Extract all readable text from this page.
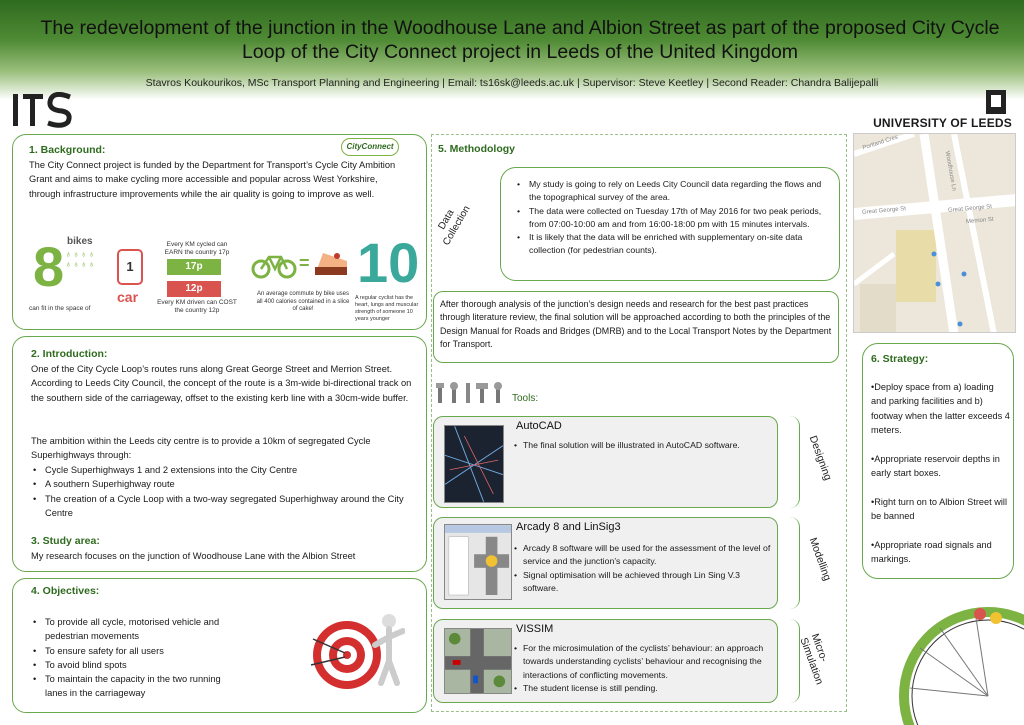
The redevelopment of the junction in the Woodhouse Lane and Albion Street as part of the proposed City Cycle Loop of the City Connect project in Leeds of the United Kingdom
Stavros Koukourikos, MSc Transport Planning and Engineering | Email: ts16sk@leeds.ac.uk | Supervisor: Steve Keetley | Second Reader: Chandra Balijepalli
UNIVERSITY OF LEEDS
1. Background:	CityConnect
The City Connect project is funded by the Department for Transport’s Cycle City Ambition Grant and aims to make cycling more accessible and popular across West Yorkshire, through infrastructure improvements while the air quality is going to improve as well.
8 bikes
♁♁♁♁
♁♁♁♁	1
car
can fit in the space of
Every KM cycled can EARN the country 17p
17p
12p
Every KM driven can COST the country 12p
=
An average commute by bike uses all 400 calories contained in a slice of cake!
10
A regular cyclist has the heart, lungs and muscular strength of someone 10 years younger
2. Introduction:
One of the City Cycle Loop’s routes runs along Great George Street and Merrion Street. According to Leeds City Council, the concept of the route is a 3m-wide bi-directional track on the southern side of the carriageway, offset to the existing kerb line with a 30cm-wide buffer.
The ambition within the Leeds city centre is to provide a 10km of segregated Cycle Superhighways through:
• Cycle Superhighways 1 and 2 extensions into the City Centre
• A southern Superhighway route
• The creation of a Cycle Loop with a two-way segregated Superhighway around the City Centre
3. Study area:
My research focuses on the junction of Woodhouse Lane with the Albion Street
4. Objectives:
• To provide all cycle, motorised vehicle and pedestrian movements
• To ensure safety for all users
• To avoid blind spots
• To maintain the capacity in the two running lanes in the carriageway
5. Methodology
Data Collection
• My study is going to rely on Leeds City Council data regarding the flows and the topographical survey of the area.
• The data were collected on Tuesday 17th of May 2016 for two peak periods, from 07:00-10:00 am and from 16:00-18:00 pm with 15 minutes intervals.
• It is likely that the data will be enriched with supplementary on-site data collection (for pedestrian counts).
After thorough analysis of the junction’s design needs and research for the best past practices through literature review, the final solution will be approached according to both the principles of the Design Manual for Roads and Bridges (DMRB) and to the Local Transport Notes by the Department for Transport.
Tools:
AutoCAD
• The final solution will be illustrated in AutoCAD software.
Arcady 8 and LinSig3
• Arcady 8 software will be used for the assessment of the level of service and the junction’s capacity.
• Signal optimisation will be achieved through Lin Sing V.3 software.
VISSIM
• For the microsimulation of the cyclists’ behaviour: an approach towards understanding cyclists’ behaviour and recognising the interactions of conflicting movements.
• The student license is still pending.
Designing
Modelling
Micro-Simulation
Great George St	Great George St
Merrion St
Woodhouse Ln
Portland Cres
6. Strategy:
•Deploy space from a) loading and parking facilities and b) footway when the latter exceeds 4 meters.
•Appropriate reservoir depths in early start boxes.
•Right turn on to Albion Street will be banned
•Appropriate road signals and markings.
